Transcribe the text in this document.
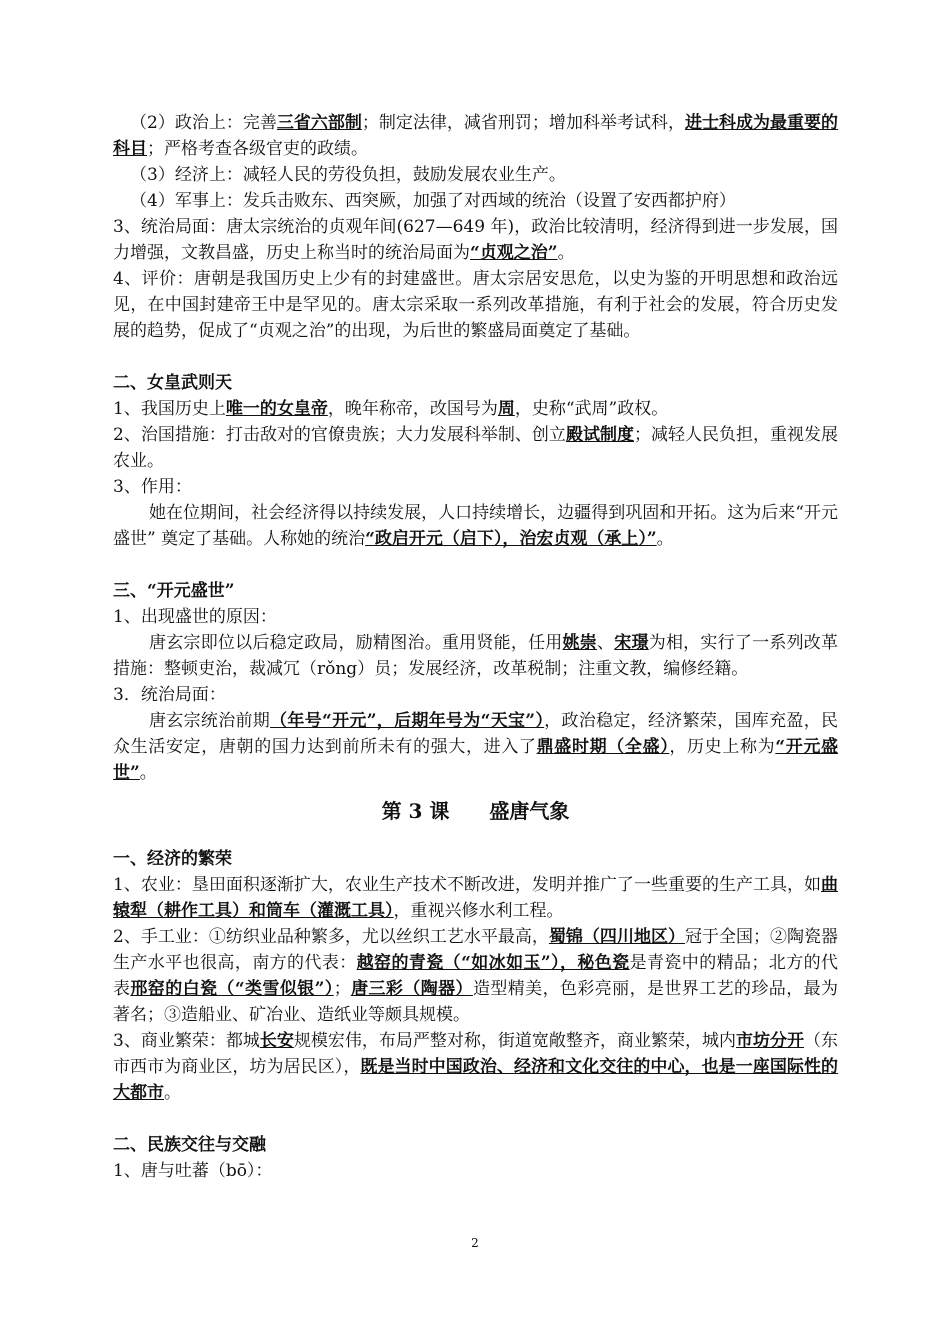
（2）政治上：完善三省六部制；制定法律，减省刑罚；增加科举考试科，进士科成为最重要的科目；严格考查各级官吏的政绩。

（3）经济上：减轻人民的劳役负担，鼓励发展农业生产。

（4）军事上：发兵击败东、西突厥，加强了对西域的统治（设置了安西都护府）

3、统治局面：唐太宗统治的贞观年间(627—649 年)，政治比较清明，经济得到进一步发展，国力增强，文教昌盛，历史上称当时的统治局面为“贞观之治”。

4、评价：唐朝是我国历史上少有的封建盛世。唐太宗居安思危，以史为鉴的开明思想和政治远见，在中国封建帝王中是罕见的。唐太宗采取一系列改革措施，有利于社会的发展，符合历史发展的趋势，促成了“贞观之治”的出现，为后世的繁盛局面奠定了基础。

二、女皇武则天

1、我国历史上唯一的女皇帝，晚年称帝，改国号为周，史称“武周”政权。

2、治国措施：打击敌对的官僚贵族；大力发展科举制、创立殿试制度；减轻人民负担，重视发展农业。

3、作用：

她在位期间，社会经济得以持续发展，人口持续增长，边疆得到巩固和开拓。这为后来“开元盛世” 奠定了基础。人称她的统治“政启开元（启下），治宏贞观（承上）”。

三、“开元盛世”

1、出现盛世的原因：

唐玄宗即位以后稳定政局，励精图治。重用贤能，任用姚崇、宋璟为相，实行了一系列改革措施：整顿吏治，裁减冗（rǒng）员；发展经济，改革税制；注重文教，编修经籍。

3．统治局面：

唐玄宗统治前期（年号“开元”，后期年号为“天宝”），政治稳定，经济繁荣，国库充盈，民众生活安定，唐朝的国力达到前所未有的强大，进入了鼎盛时期（全盛），历史上称为“开元盛世”。

第 3 课　　盛唐气象

一、经济的繁荣

1、农业：垦田面积逐渐扩大，农业生产技术不断改进，发明并推广了一些重要的生产工具，如曲辕犁（耕作工具）和筒车（灌溉工具），重视兴修水利工程。

2、手工业：①纺织业品种繁多，尤以丝织工艺水平最高，蜀锦（四川地区）冠于全国；②陶瓷器生产水平也很高，南方的代表：越窑的青瓷（“如冰如玉”），秘色瓷是青瓷中的精品；北方的代表邢窑的白瓷（“类雪似银”）；唐三彩（陶器）造型精美，色彩亮丽，是世界工艺的珍品，最为著名；③造船业、矿冶业、造纸业等颇具规模。

3、商业繁荣：都城长安规模宏伟，布局严整对称，街道宽敞整齐，商业繁荣，城内市坊分开（东市西市为商业区，坊为居民区），既是当时中国政治、经济和文化交往的中心，也是一座国际性的大都市。

二、民族交往与交融

1、唐与吐蕃（bō）：

2
